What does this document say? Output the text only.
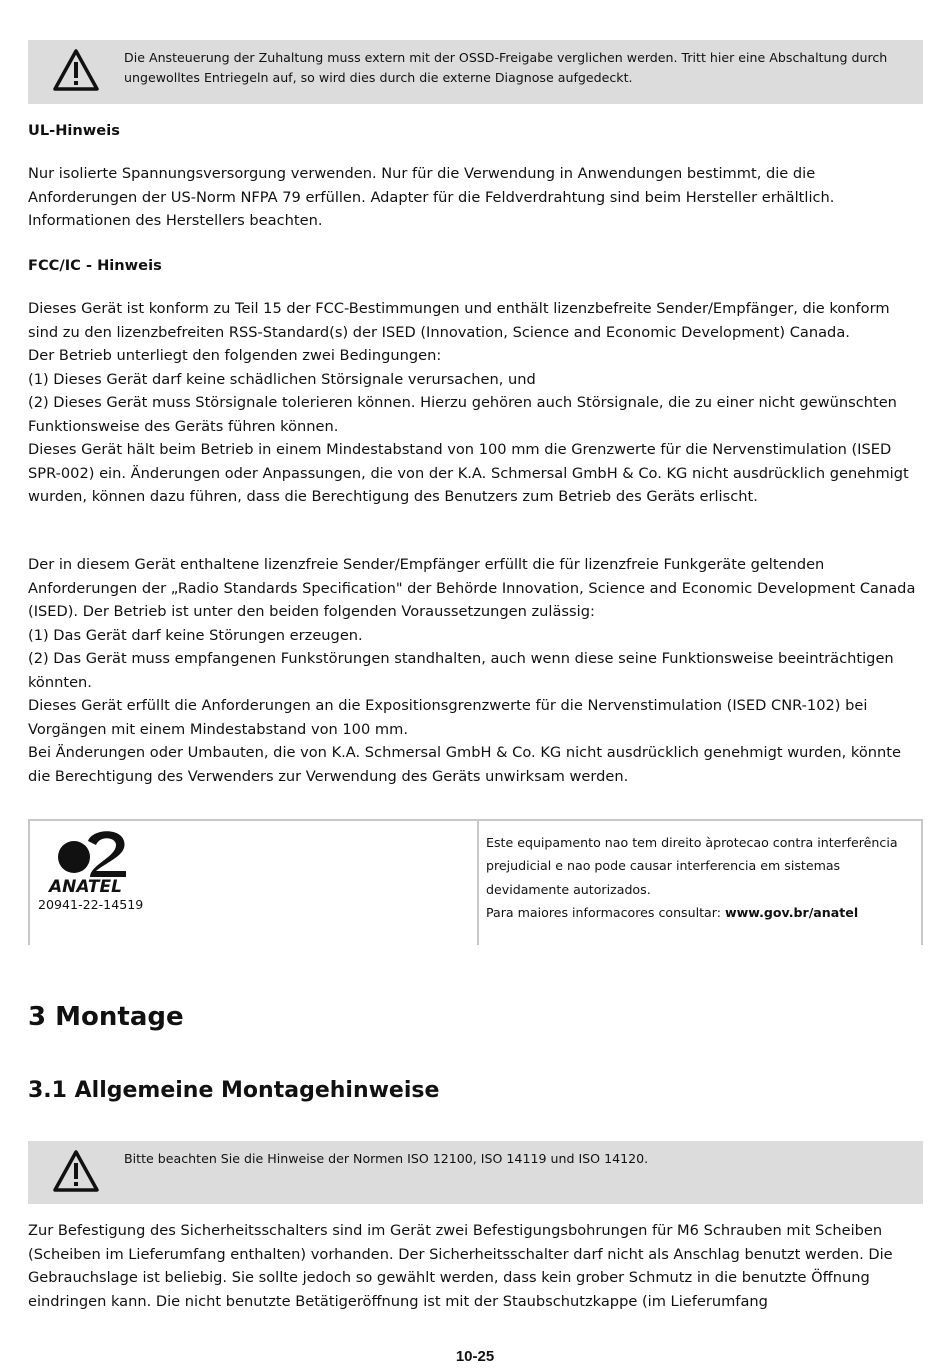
Die Ansteuerung der Zuhaltung muss extern mit der OSSD-Freigabe verglichen werden. Tritt hier eine Abschaltung durch ungewolltes Entriegeln auf, so wird dies durch die externe Diagnose aufgedeckt.
UL-Hinweis

Nur isolierte Spannungsversorgung verwenden. Nur für die Verwendung in Anwendungen bestimmt, die die Anforderungen der US-Norm NFPA 79 erfüllen. Adapter für die Feldverdrahtung sind beim Hersteller erhältlich. Informationen des Herstellers beachten.

FCC/IC - Hinweis

Dieses Gerät ist konform zu Teil 15 der FCC-Bestimmungen und enthält lizenzbefreite Sender/Empfänger, die konform sind zu den lizenzbefreiten RSS-Standard(s) der ISED (Innovation, Science and Economic Development) Canada.

Der Betrieb unterliegt den folgenden zwei Bedingungen:

(1) Dieses Gerät darf keine schädlichen Störsignale verursachen, und

(2) Dieses Gerät muss Störsignale tolerieren können. Hierzu gehören auch Störsignale, die zu einer nicht gewünschten Funktionsweise des Geräts führen können.

Dieses Gerät hält beim Betrieb in einem Mindestabstand von 100 mm die Grenzwerte für die Nervenstimulation (ISED SPR-002) ein. Änderungen oder Anpassungen, die von der K.A. Schmersal GmbH & Co. KG nicht ausdrücklich genehmigt wurden, können dazu führen, dass die Berechtigung des Benutzers zum Betrieb des Geräts erlischt.

Der in diesem Gerät enthaltene lizenzfreie Sender/Empfänger erfüllt die für lizenzfreie Funkgeräte geltenden Anforderungen der „Radio Standards Specification" der Behörde Innovation, Science and Economic Development Canada (ISED). Der Betrieb ist unter den beiden folgenden Voraussetzungen zulässig:

(1) Das Gerät darf keine Störungen erzeugen.

(2) Das Gerät muss empfangenen Funkstörungen standhalten, auch wenn diese seine Funktionsweise beeinträchtigen könnten.

Dieses Gerät erfüllt die Anforderungen an die Expositionsgrenzwerte für die Nervenstimulation (ISED CNR-102) bei Vorgängen mit einem Mindestabstand von 100 mm.

Bei Änderungen oder Umbauten, die von K.A. Schmersal GmbH & Co. KG nicht ausdrücklich genehmigt wurden, könnte die Berechtigung des Verwenders zur Verwendung des Geräts unwirksam werden.

ANATEL
20941-22-14519
Este equipamento nao tem direito àprotecao contra interferência
prejudicial e nao pode causar interferencia em sistemas
devidamente autorizados.
Para maiores informacores consultar: www.gov.br/anatel
3 Montage
3.1 Allgemeine Montagehinweise
Bitte beachten Sie die Hinweise der Normen ISO 12100, ISO 14119 und ISO 14120.

Zur Befestigung des Sicherheitsschalters sind im Gerät zwei Befestigungsbohrungen für M6 Schrauben mit Scheiben (Scheiben im Lieferumfang enthalten) vorhanden. Der Sicherheitsschalter darf nicht als Anschlag benutzt werden. Die Gebrauchslage ist beliebig. Sie sollte jedoch so gewählt werden, dass kein grober Schmutz in die benutzte Öffnung eindringen kann. Die nicht benutzte Betätigeröffnung ist mit der Staubschutzkappe (im Lieferumfang

10-25
